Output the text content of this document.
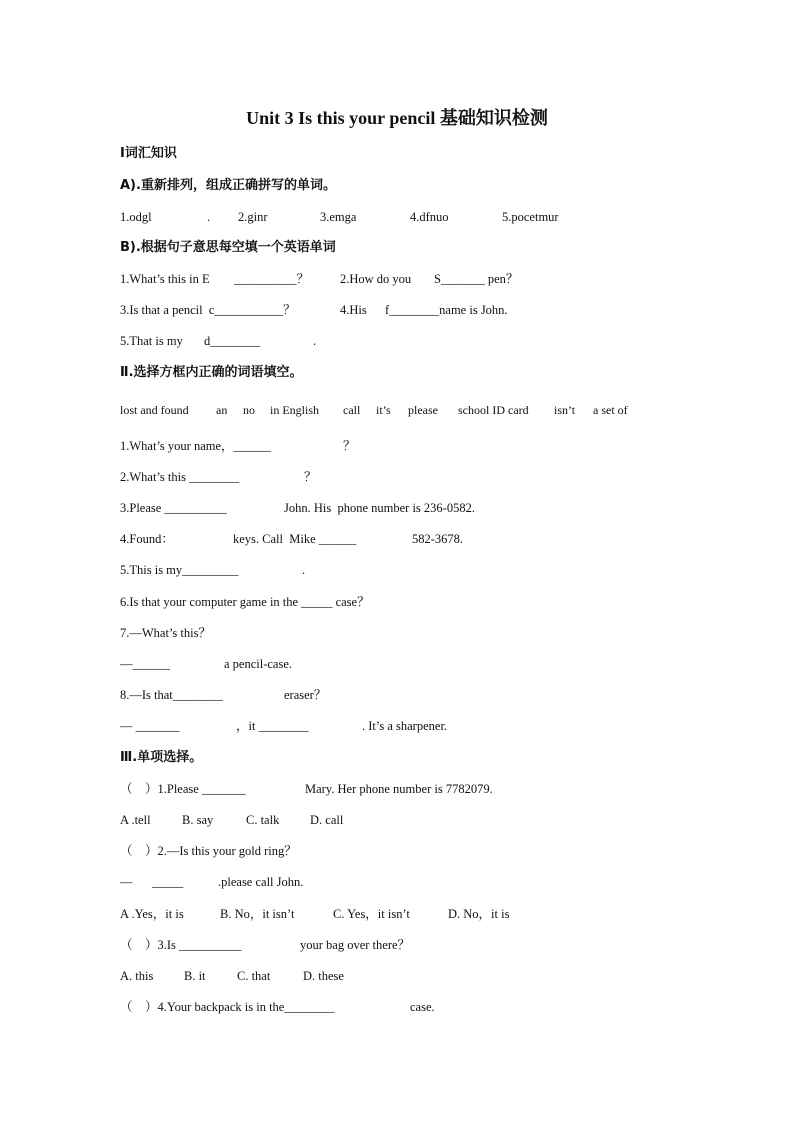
Unit 3 Is this your pencil 基础知识检测
Ⅰ词汇知识
A).重新排列，组成正确拼写的单词。
1.odgl	. 2.ginr	3.emga	4.dfnuo	5.pocetmur
B).根据句子意思每空填一个英语单词
1.What’s this in E __________？ 2.How do you S_______ pen？
3.Is that a pencil  c___________？	4.His f________name is John.
5.That is my d________	.
Ⅱ.选择方框内正确的词语填空。
lost and found an no in English call it’s please school ID card isn’t a set of
1.What’s your name，______	？
2.What’s this ________	？
3.Please __________	John. His  phone number is 236-0582.
4.Found：	keys. Call  Mike ______	582-3678.
5.This is my_________	.
6.Is that your computer game in the _____ case？
7.—What’s this？
—______	a pencil-case.
8.—Is that________	eraser？
— _______	，it ________	. It’s a sharpener.
Ⅲ.单项选择。
（    ）1.Please _______	Mary. Her phone number is 7782079.
A .tell	B. say	C. talk D. call
（    ）2.—Is this your gold ring？
— _____	.please call John.
A .Yes，it is	B. No，it isn’t	C. Yes，it isn’t	D. No，it is
（    ）3.Is __________	your bag over there？
A. this B. it	C. that	D. these
（    ）4.Your backpack is in the________	case.
